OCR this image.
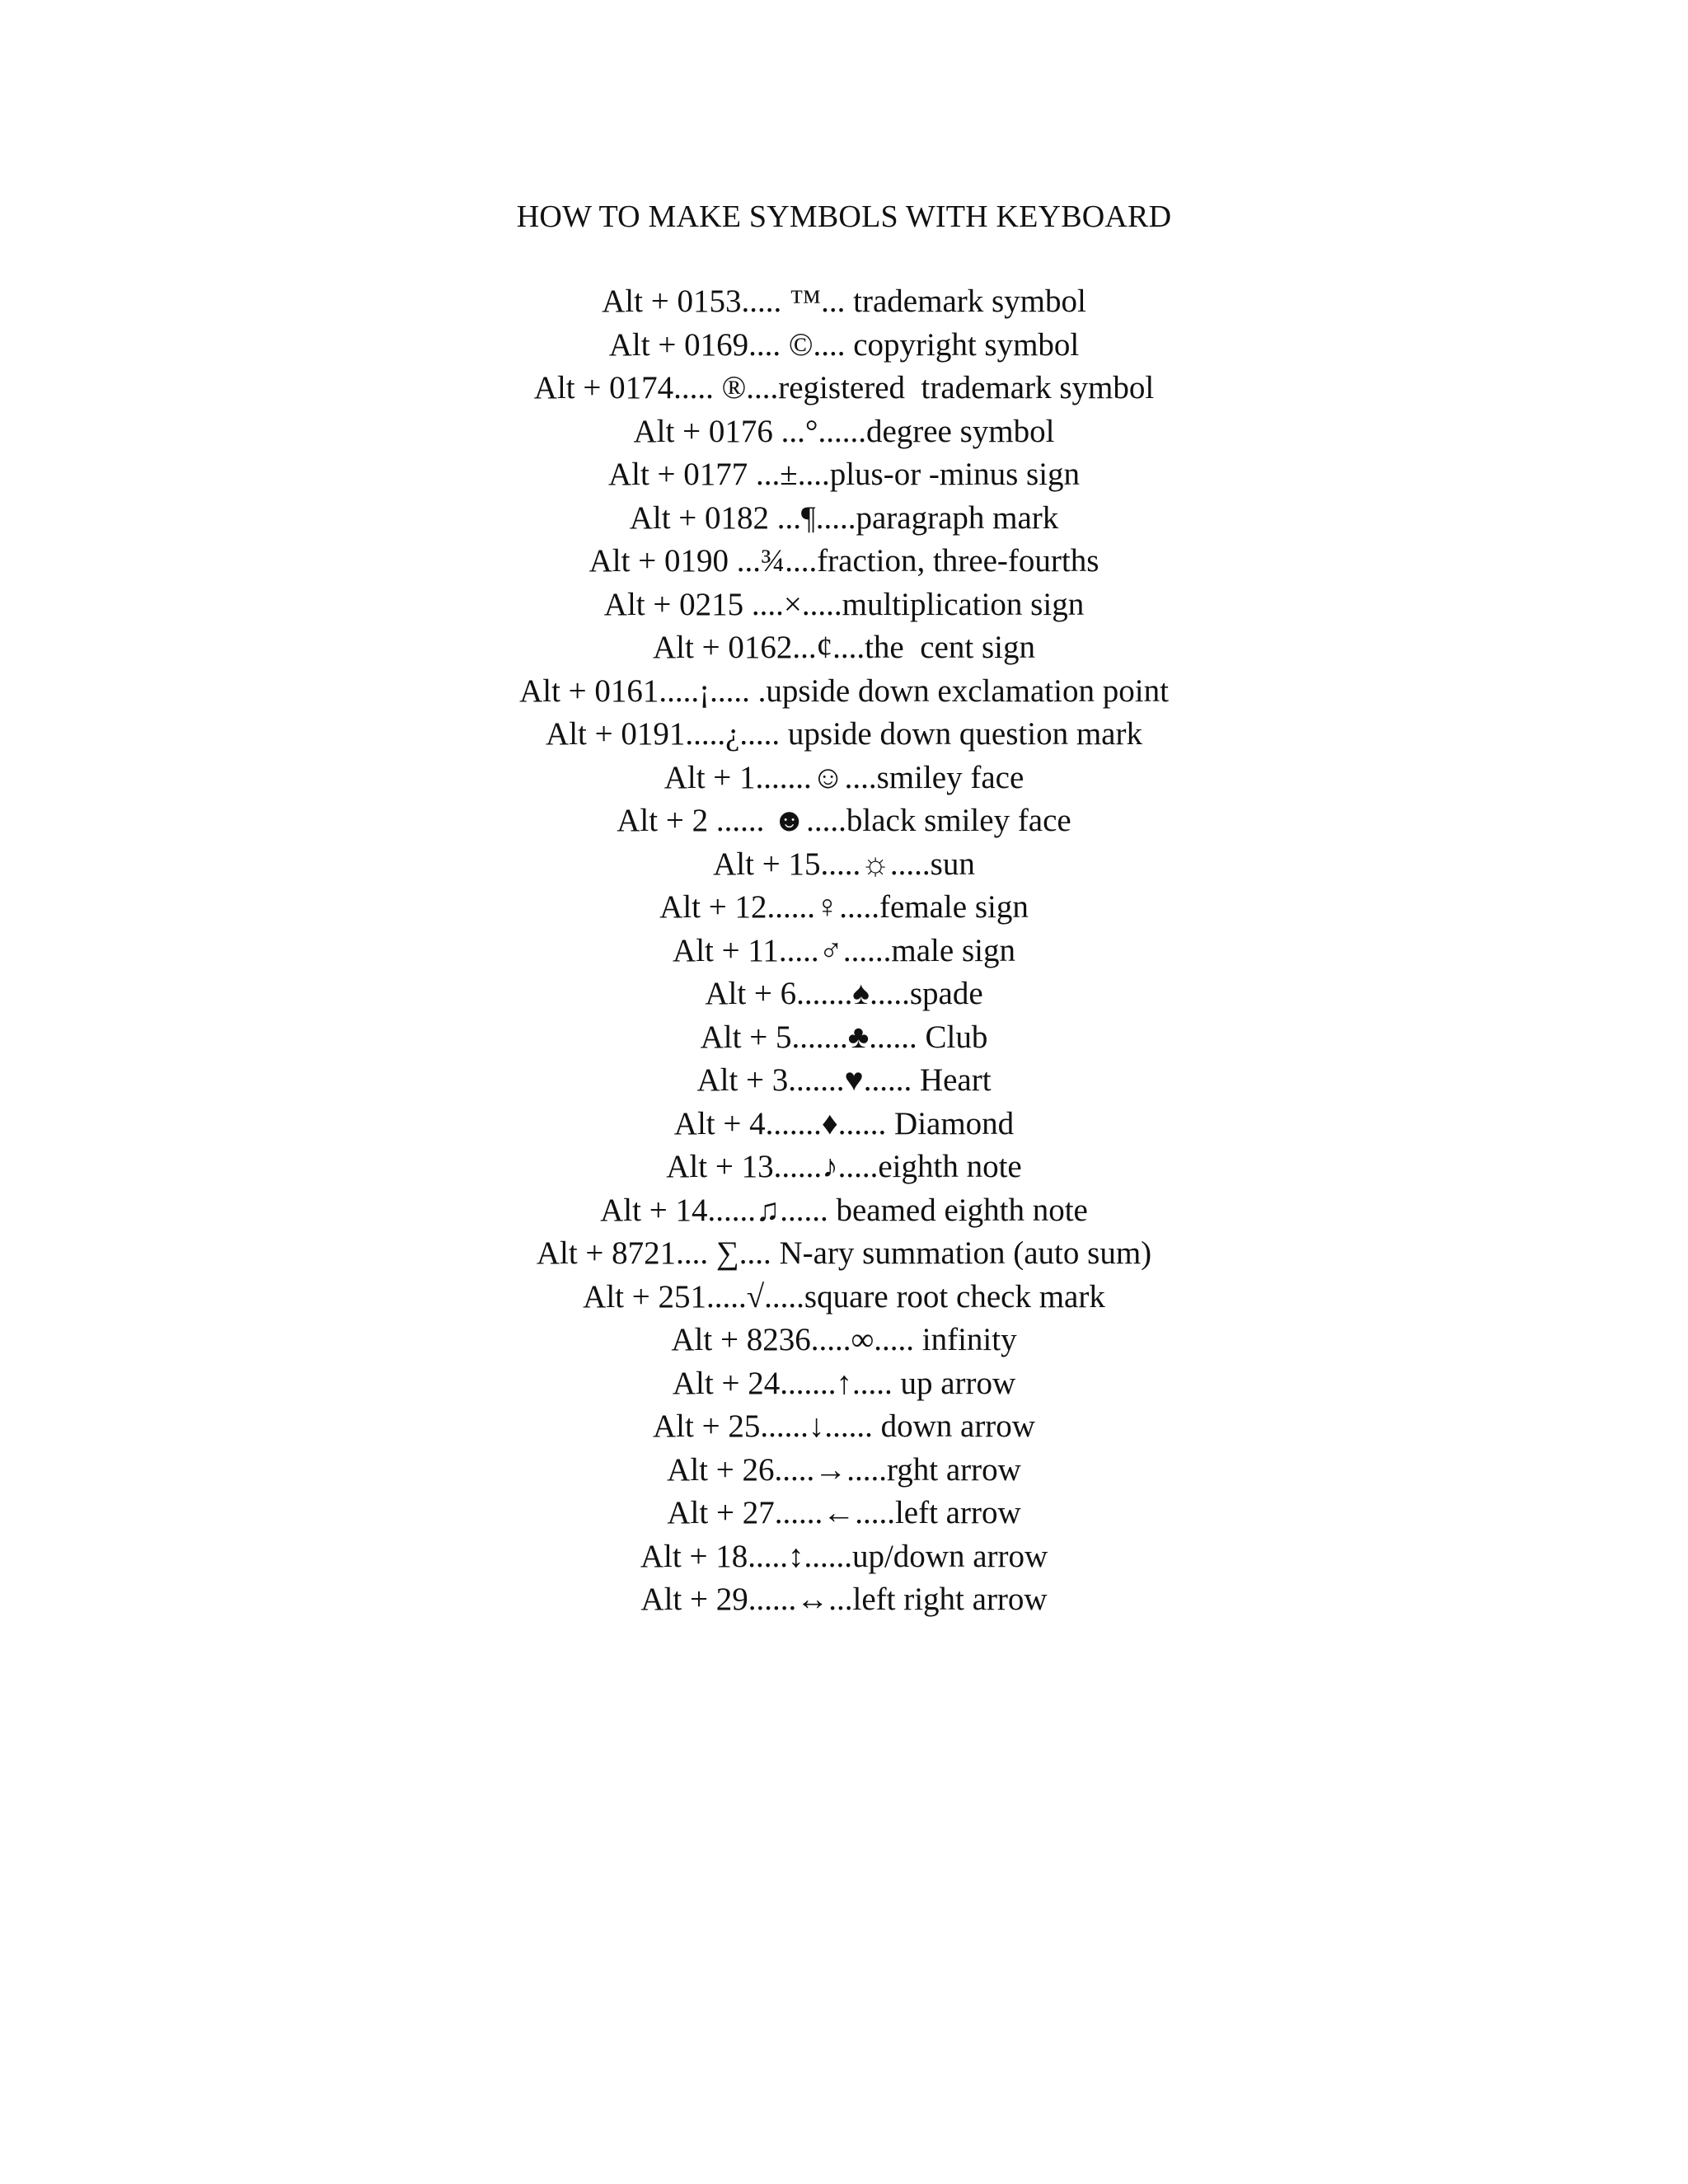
HOW TO MAKE SYMBOLS WITH KEYBOARD
Alt + 0153..... ™... trademark symbol
Alt + 0169.... ©.... copyright symbol
Alt + 0174..... ®....registered  trademark symbol
Alt + 0176 ...°......degree symbol
Alt + 0177 ...±....plus-or -minus sign
Alt + 0182 ...¶.....paragraph mark
Alt + 0190 ...¾....fraction, three-fourths
Alt + 0215 ....×.....multiplication sign
Alt + 0162...¢....the  cent sign
Alt + 0161.....¡..... .upside down exclamation point
Alt + 0191.....¿..... upside down question mark
Alt + 1.......☺....smiley face
Alt + 2 ...... ☻.....black smiley face
Alt + 15.....☼.....sun
Alt + 12......♀.....female sign
Alt + 11.....♂......male sign
Alt + 6.......♠.....spade
Alt + 5.......♣...... Club
Alt + 3.......♥...... Heart
Alt + 4.......♦...... Diamond
Alt + 13......♪.....eighth note
Alt + 14......♫...... beamed eighth note
Alt + 8721.... ∑.... N-ary summation (auto sum)
Alt + 251.....√.....square root check mark
Alt + 8236.....∞..... infinity
Alt + 24.......↑..... up arrow
Alt + 25......↓...... down arrow
Alt + 26.....→.....rght arrow
Alt + 27......←.....left arrow
Alt + 18.....↕......up/down arrow
Alt + 29......↔...left right arrow
